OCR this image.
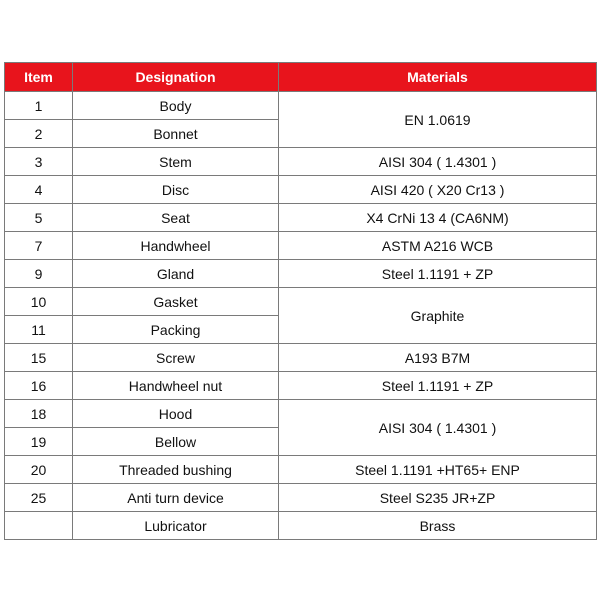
Item	Designation	Materials
1	Body	EN 1.0619
2	Bonnet	
3	Stem	AISI 304 ( 1.4301 )
4	Disc	AISI 420 ( X20 Cr13 )
5	Seat	X4 CrNi 13 4 (CA6NM)
7	Handwheel	ASTM A216 WCB
9	Gland	Steel 1.1191 + ZP
10	Gasket	Graphite
11	Packing	
15	Screw	A193 B7M
16	Handwheel nut	Steel 1.1191 + ZP
18	Hood	AISI 304 ( 1.4301 )
19	Bellow	
20	Threaded bushing	Steel 1.1191 +HT65+ ENP
25	Anti turn device	Steel S235 JR+ZP
	Lubricator	Brass
